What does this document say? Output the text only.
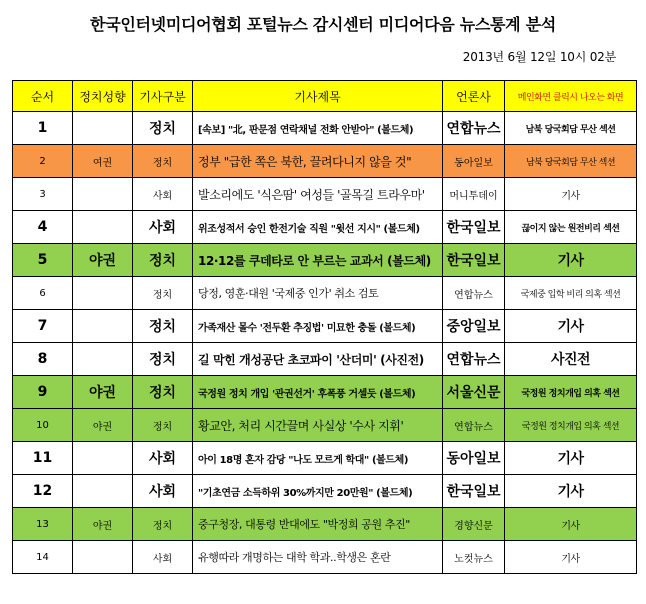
한국인터넷미디어협회 포털뉴스 감시센터 미디어다음 뉴스통계 분석
2013년 6월 12일 10시 02분
순서	정치성향	기사구분	기사제목	언론사	메인화면 클릭시 나오는 화면
1		정치	[속보] "北, 판문점 연락채널 전화 안받아" (볼드체)	연합뉴스	남북 당국회담 무산 섹션
2	여권	정치	정부 "급한 쪽은 북한, 끌려다니지 않을 것"	동아일보	남북 당국회담 무산 섹션
3		사회	발소리에도 '식은땀' 여성들 '골목길 트라우마'	머니투데이	기사
4		사회	위조성적서 승인 한전기술 직원 "윗선 지시" (볼드체)	한국일보	끊이지 않는 원전비리 섹션
5	야권	정치	12·12를 쿠데타로 안 부르는 교과서 (볼드체)	한국일보	기사
6		정치	당정, 영훈·대원 '국제중 인가' 취소 검토	연합뉴스	국제중 입학 비리 의혹 섹션
7		정치	가족재산 몰수 '전두환 추징법' 미묘한 충돌 (볼드체)	중앙일보	기사
8		정치	길 막힌 개성공단 초코파이 '산더미' (사진전)	연합뉴스	사진전
9	야권	정치	국정원 정치 개입 '관권선거' 후폭풍 거셀듯 (볼드체)	서울신문	국정원 정치개입 의혹 섹션
10	야권	정치	황교안, 처리 시간끌며 사실상 '수사 지휘'	연합뉴스	국정원 정치개입 의혹 섹션
11		사회	아이 18명 혼자 감당 "나도 모르게 학대" (볼드체)	동아일보	기사
12		사회	"기초연금 소득하위 30%까지만 20만원" (볼드체)	한국일보	기사
13	야권	정치	중구청장, 대통령 반대에도 "박정희 공원 추진"	경향신문	기사
14		사회	유행따라 개명하는 대학 학과..학생은 혼란	노컷뉴스	기사
